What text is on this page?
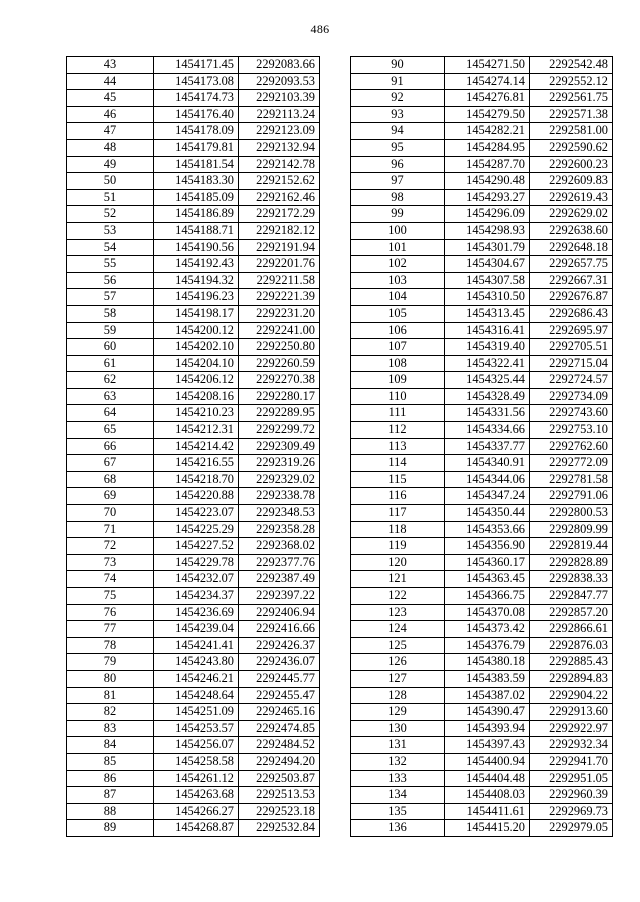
486
43	1454171.45	2292083.66
44	1454173.08	2292093.53
45	1454174.73	2292103.39
46	1454176.40	2292113.24
47	1454178.09	2292123.09
48	1454179.81	2292132.94
49	1454181.54	2292142.78
50	1454183.30	2292152.62
51	1454185.09	2292162.46
52	1454186.89	2292172.29
53	1454188.71	2292182.12
54	1454190.56	2292191.94
55	1454192.43	2292201.76
56	1454194.32	2292211.58
57	1454196.23	2292221.39
58	1454198.17	2292231.20
59	1454200.12	2292241.00
60	1454202.10	2292250.80
61	1454204.10	2292260.59
62	1454206.12	2292270.38
63	1454208.16	2292280.17
64	1454210.23	2292289.95
65	1454212.31	2292299.72
66	1454214.42	2292309.49
67	1454216.55	2292319.26
68	1454218.70	2292329.02
69	1454220.88	2292338.78
70	1454223.07	2292348.53
71	1454225.29	2292358.28
72	1454227.52	2292368.02
73	1454229.78	2292377.76
74	1454232.07	2292387.49
75	1454234.37	2292397.22
76	1454236.69	2292406.94
77	1454239.04	2292416.66
78	1454241.41	2292426.37
79	1454243.80	2292436.07
80	1454246.21	2292445.77
81	1454248.64	2292455.47
82	1454251.09	2292465.16
83	1454253.57	2292474.85
84	1454256.07	2292484.52
85	1454258.58	2292494.20
86	1454261.12	2292503.87
87	1454263.68	2292513.53
88	1454266.27	2292523.18
89	1454268.87	2292532.84
90	1454271.50	2292542.48
91	1454274.14	2292552.12
92	1454276.81	2292561.75
93	1454279.50	2292571.38
94	1454282.21	2292581.00
95	1454284.95	2292590.62
96	1454287.70	2292600.23
97	1454290.48	2292609.83
98	1454293.27	2292619.43
99	1454296.09	2292629.02
100	1454298.93	2292638.60
101	1454301.79	2292648.18
102	1454304.67	2292657.75
103	1454307.58	2292667.31
104	1454310.50	2292676.87
105	1454313.45	2292686.43
106	1454316.41	2292695.97
107	1454319.40	2292705.51
108	1454322.41	2292715.04
109	1454325.44	2292724.57
110	1454328.49	2292734.09
111	1454331.56	2292743.60
112	1454334.66	2292753.10
113	1454337.77	2292762.60
114	1454340.91	2292772.09
115	1454344.06	2292781.58
116	1454347.24	2292791.06
117	1454350.44	2292800.53
118	1454353.66	2292809.99
119	1454356.90	2292819.44
120	1454360.17	2292828.89
121	1454363.45	2292838.33
122	1454366.75	2292847.77
123	1454370.08	2292857.20
124	1454373.42	2292866.61
125	1454376.79	2292876.03
126	1454380.18	2292885.43
127	1454383.59	2292894.83
128	1454387.02	2292904.22
129	1454390.47	2292913.60
130	1454393.94	2292922.97
131	1454397.43	2292932.34
132	1454400.94	2292941.70
133	1454404.48	2292951.05
134	1454408.03	2292960.39
135	1454411.61	2292969.73
136	1454415.20	2292979.05
